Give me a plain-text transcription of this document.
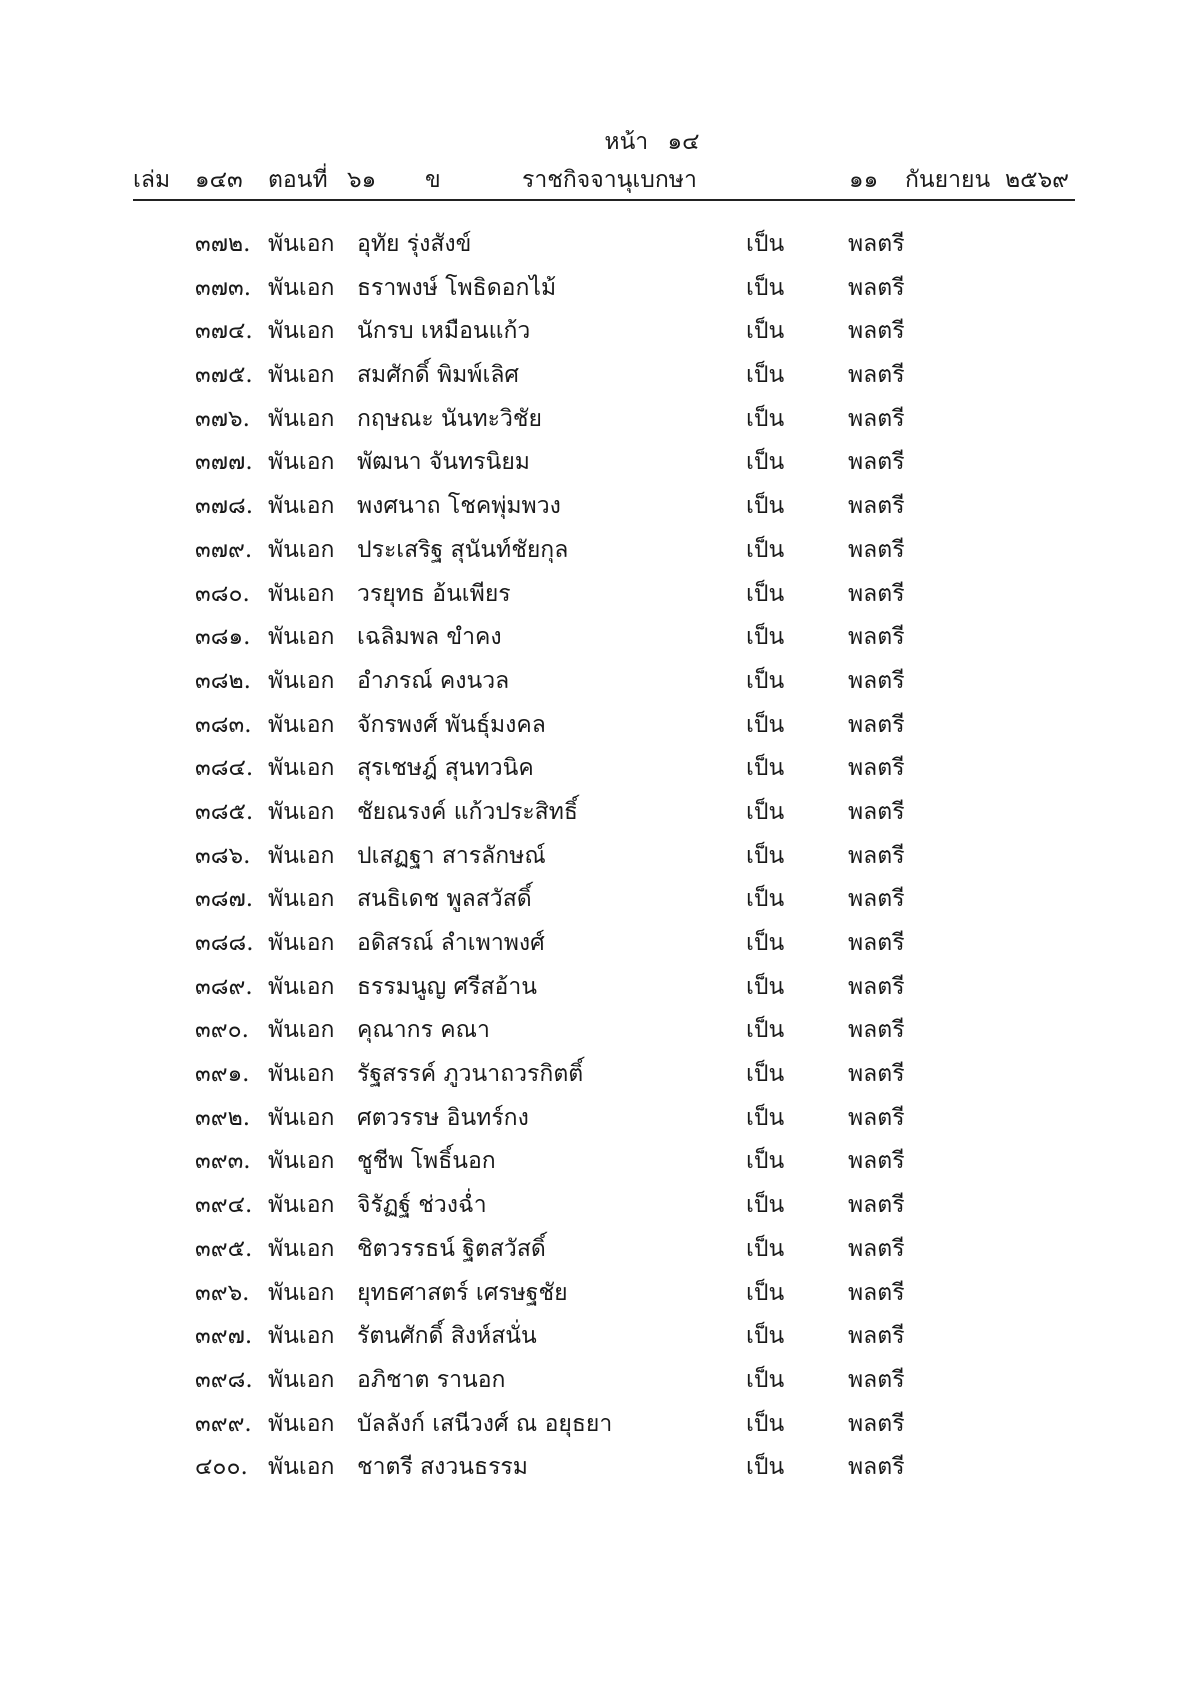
หน้า ๑๔
เล่ม ๑๔๓ ตอนที่ ๖๑ ข	ราชกิจจานุเบกษา	๑๑ กันยายน ๒๕๖๙
๓๗๒. พันเอก อุทัย รุ่งสังข์	เป็น	พลตรี
๓๗๓. พันเอก ธราพงษ์ โพธิดอกไม้	เป็น	พลตรี
๓๗๔. พันเอก นักรบ เหมือนแก้ว	เป็น	พลตรี
๓๗๕. พันเอก สมศักดิ์ พิมพ์เลิศ	เป็น	พลตรี
๓๗๖. พันเอก กฤษณะ นันทะวิชัย	เป็น	พลตรี
๓๗๗. พันเอก พัฒนา จันทรนิยม	เป็น	พลตรี
๓๗๘. พันเอก พงศนาถ โชคพุ่มพวง	เป็น	พลตรี
๓๗๙. พันเอก ประเสริฐ สุนันท์ชัยกุล	เป็น	พลตรี
๓๘๐. พันเอก วรยุทธ อ้นเพียร	เป็น	พลตรี
๓๘๑. พันเอก เฉลิมพล ขำคง	เป็น	พลตรี
๓๘๒. พันเอก อำภรณ์ คงนวล	เป็น	พลตรี
๓๘๓. พันเอก จักรพงศ์ พันธุ์มงคล	เป็น	พลตรี
๓๘๔. พันเอก สุรเชษฎ์ สุนทวนิค	เป็น	พลตรี
๓๘๕. พันเอก ชัยณรงค์ แก้วประสิทธิ์	เป็น	พลตรี
๓๘๖. พันเอก ปเสฏฐา สารลักษณ์	เป็น	พลตรี
๓๘๗. พันเอก สนธิเดช พูลสวัสดิ์	เป็น	พลตรี
๓๘๘. พันเอก อดิสรณ์ ลำเพาพงศ์	เป็น	พลตรี
๓๘๙. พันเอก ธรรมนูญ ศรีสอ้าน	เป็น	พลตรี
๓๙๐. พันเอก คุณากร คณา	เป็น	พลตรี
๓๙๑. พันเอก รัฐสรรค์ ภูวนาถวรกิตติ์	เป็น	พลตรี
๓๙๒. พันเอก ศตวรรษ อินทร์กง	เป็น	พลตรี
๓๙๓. พันเอก ชูชีพ โพธิ์นอก	เป็น	พลตรี
๓๙๔. พันเอก จิรัฏฐ์ ช่วงฉ่ำ	เป็น	พลตรี
๓๙๕. พันเอก ชิตวรรธน์ ฐิตสวัสดิ์	เป็น	พลตรี
๓๙๖. พันเอก ยุทธศาสตร์ เศรษฐชัย	เป็น	พลตรี
๓๙๗. พันเอก รัตนศักดิ์ สิงห์สนั่น	เป็น	พลตรี
๓๙๘. พันเอก อภิชาต รานอก	เป็น	พลตรี
๓๙๙. พันเอก บัลลังก์ เสนีวงศ์ ณ อยุธยา	เป็น	พลตรี
๔๐๐. พันเอก ชาตรี สงวนธรรม	เป็น	พลตรี
